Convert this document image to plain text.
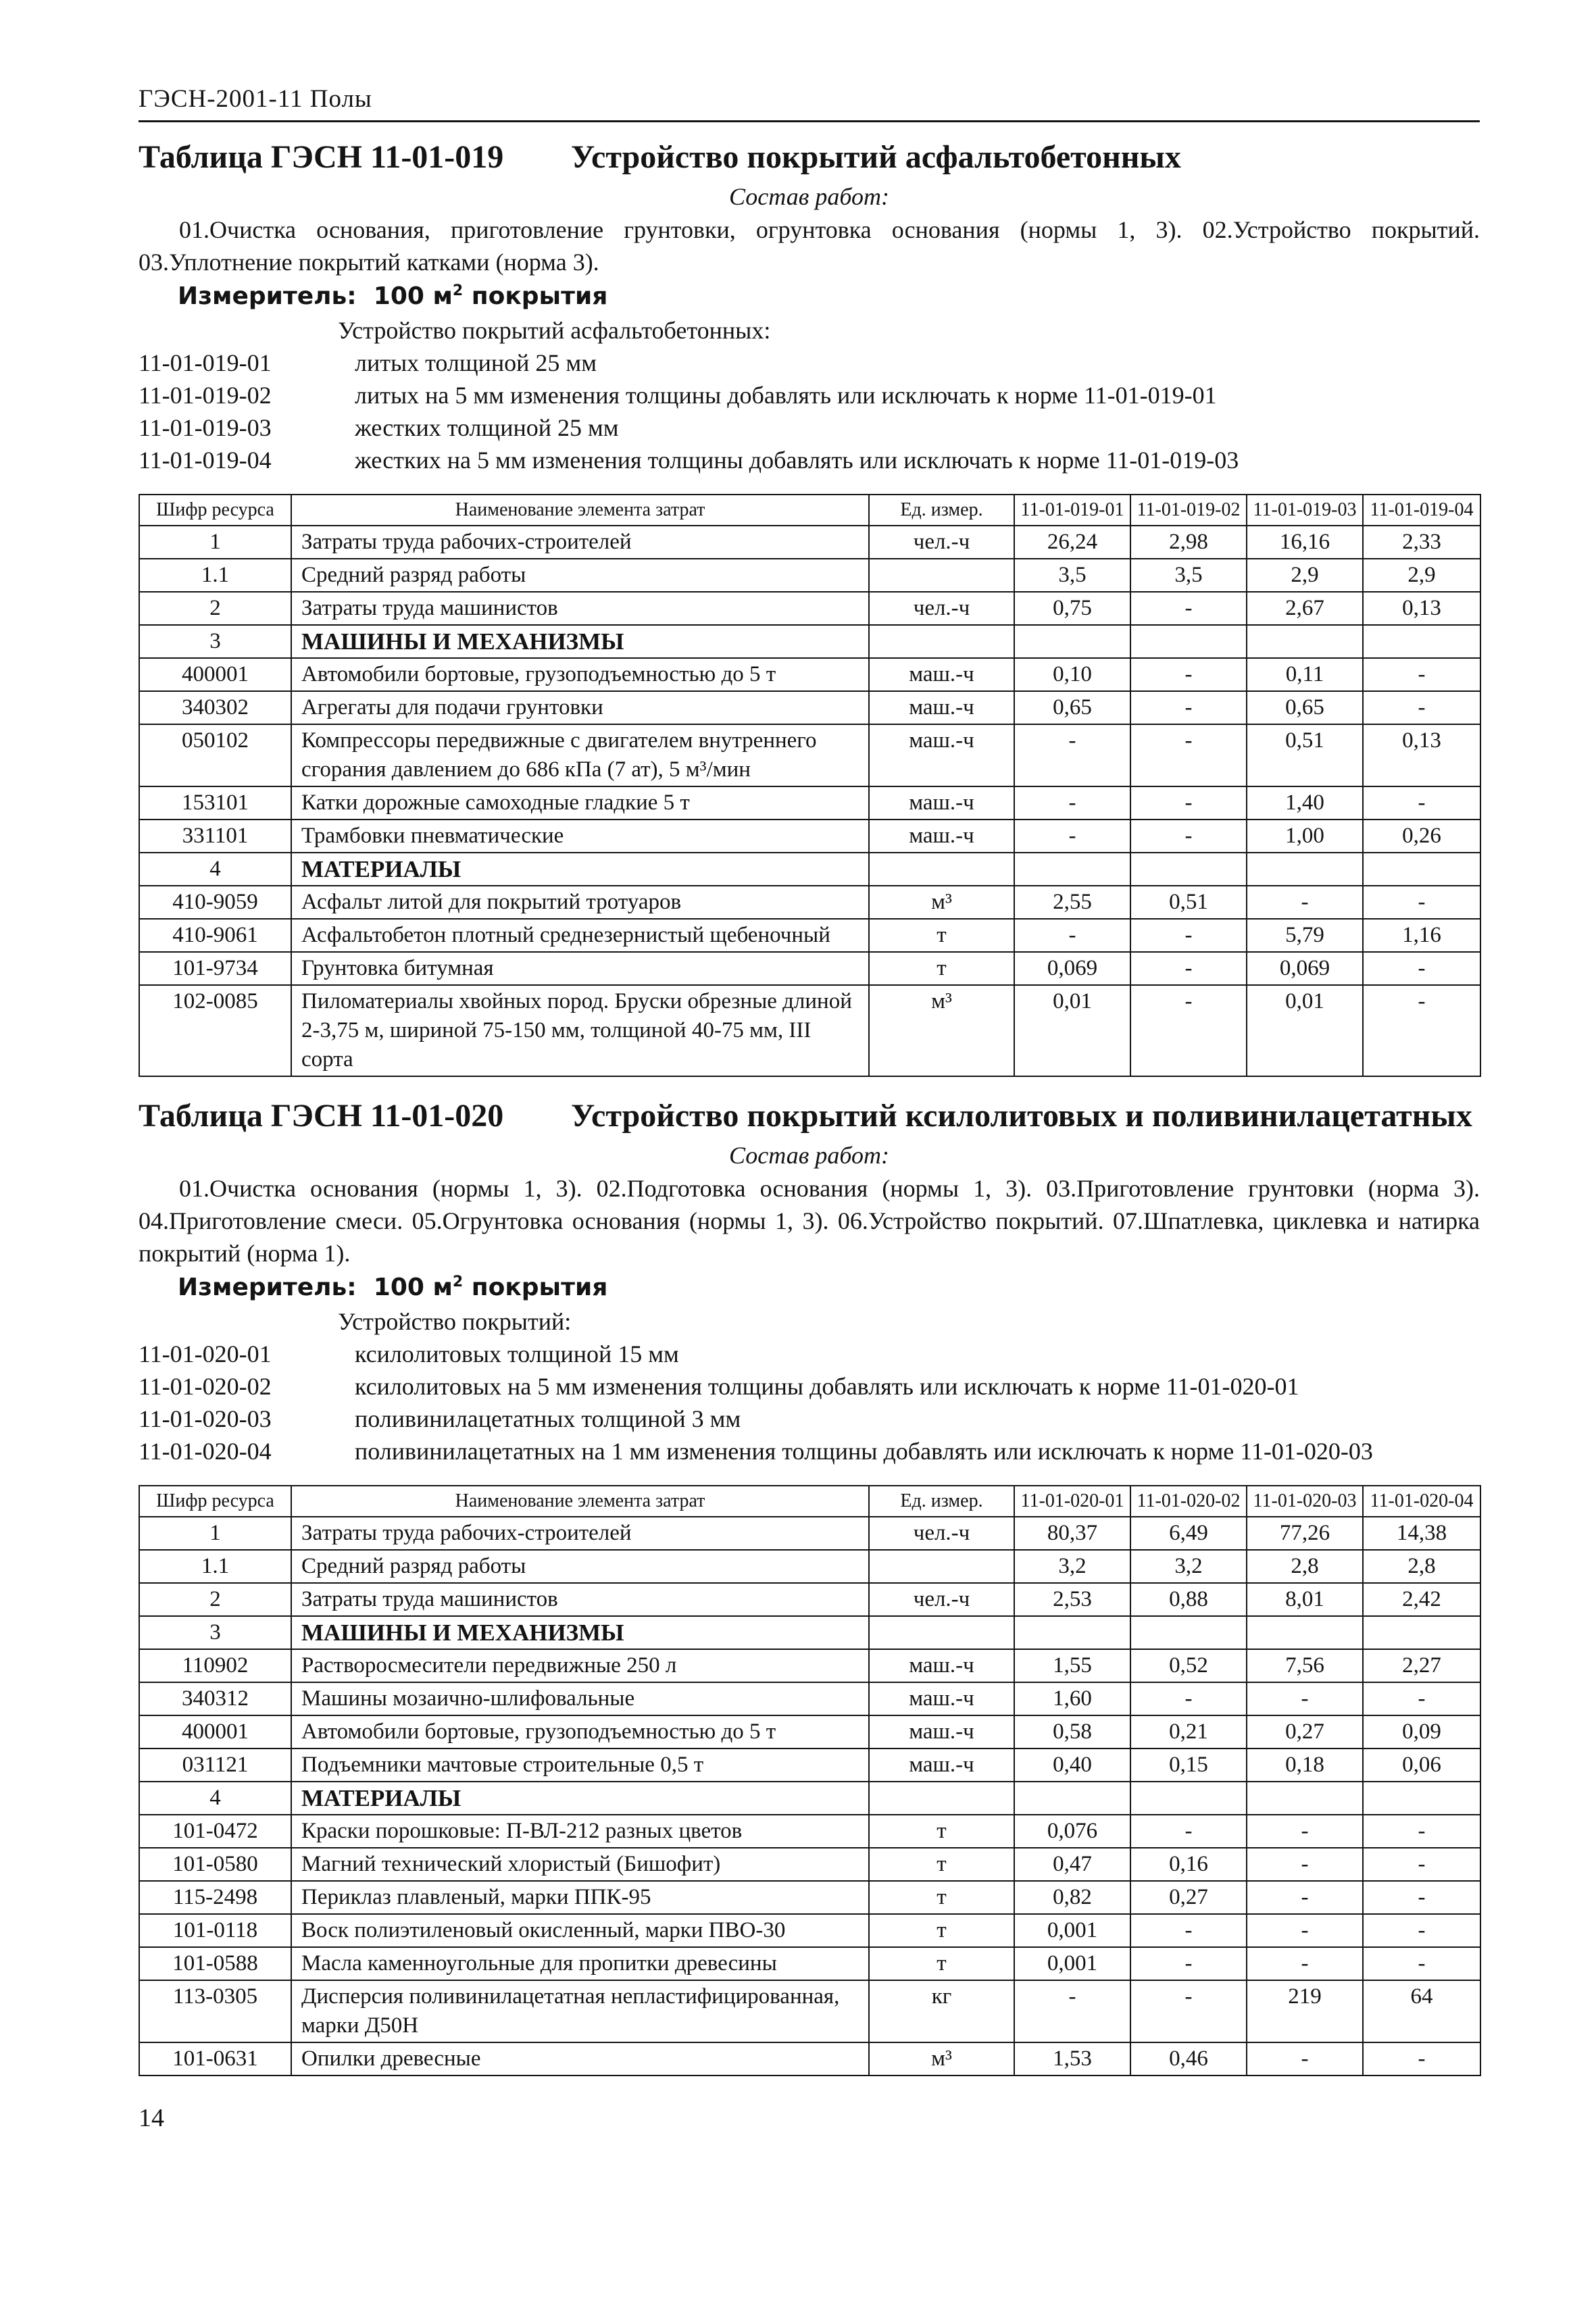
ГЭСН-2001-11 Полы
Таблица ГЭСН 11-01-019	Устройство покрытий асфальтобетонных
Состав работ:
01.Очистка основания, приготовление грунтовки, огрунтовка основания (нормы 1, 3). 02.Устройство покрытий. 03.Уплотнение покрытий катками (норма 3).
Измеритель: 100 $м^2$ покрытия
Устройство покрытий асфальтобетонных:
11-01-019-01	литых толщиной 25 мм
11-01-019-02	литых на 5 мм изменения толщины добавлять или исключать к норме 11-01-019-01
11-01-019-03	жестких толщиной 25 мм
11-01-019-04	жестких на 5 мм изменения толщины добавлять или исключать к норме 11-01-019-03
Шифр ресурса	Наименование элемента затрат	Ед. измер.	11-01-019-01	11-01-019-02	11-01-019-03	11-01-019-04
1	Затраты труда рабочих-строителей	чел.-ч	26,24	2,98	16,16	2,33
1.1	Средний разряд работы		3,5	3,5	2,9	2,9
2	Затраты труда машинистов	чел.-ч	0,75	-	2,67	0,13
3	МАШИНЫ И МЕХАНИЗМЫ					
400001	Автомобили бортовые, грузоподъемностью до 5 т	маш.-ч	0,10	-	0,11	-
340302	Агрегаты для подачи грунтовки	маш.-ч	0,65	-	0,65	-
050102	Компрессоры передвижные с двигателем внутреннего сгорания давлением до 686 кПа (7 ат), 5 м³/мин	маш.-ч	-	-	0,51	0,13
153101	Катки дорожные самоходные гладкие 5 т	маш.-ч	-	-	1,40	-
331101	Трамбовки пневматические	маш.-ч	-	-	1,00	0,26
4	МАТЕРИАЛЫ					
410-9059	Асфальт литой для покрытий тротуаров	м³	2,55	0,51	-	-
410-9061	Асфальтобетон плотный среднезернистый щебеночный	т	-	-	5,79	1,16
101-9734	Грунтовка битумная	т	0,069	-	0,069	-
102-0085	Пиломатериалы хвойных пород. Бруски обрезные длиной 2-3,75 м, шириной 75-150 мм, толщиной 40-75 мм, III сорта	м³	0,01	-	0,01	-
Таблица ГЭСН 11-01-020	Устройство покрытий ксилолитовых и поливинилацетатных
Состав работ:
01.Очистка основания (нормы 1, 3). 02.Подготовка основания (нормы 1, 3). 03.Приготовление грунтовки (норма 3). 04.Приготовление смеси. 05.Огрунтовка основания (нормы 1, 3). 06.Устройство покрытий. 07.Шпатлевка, циклевка и натирка покрытий (норма 1).
Измеритель: 100 $м^2$ покрытия
Устройство покрытий:
11-01-020-01	ксилолитовых толщиной 15 мм
11-01-020-02	ксилолитовых на 5 мм изменения толщины добавлять или исключать к норме 11-01-020-01
11-01-020-03	поливинилацетатных толщиной 3 мм
11-01-020-04	поливинилацетатных на 1 мм изменения толщины добавлять или исключать к норме 11-01-020-03
Шифр ресурса	Наименование элемента затрат	Ед. измер.	11-01-020-01	11-01-020-02	11-01-020-03	11-01-020-04
1	Затраты труда рабочих-строителей	чел.-ч	80,37	6,49	77,26	14,38
1.1	Средний разряд работы		3,2	3,2	2,8	2,8
2	Затраты труда машинистов	чел.-ч	2,53	0,88	8,01	2,42
3	МАШИНЫ И МЕХАНИЗМЫ					
110902	Растворосмесители передвижные 250 л	маш.-ч	1,55	0,52	7,56	2,27
340312	Машины мозаично-шлифовальные	маш.-ч	1,60	-	-	-
400001	Автомобили бортовые, грузоподъемностью до 5 т	маш.-ч	0,58	0,21	0,27	0,09
031121	Подъемники мачтовые строительные 0,5 т	маш.-ч	0,40	0,15	0,18	0,06
4	МАТЕРИАЛЫ					
101-0472	Краски порошковые: П-ВЛ-212 разных цветов	т	0,076	-	-	-
101-0580	Магний технический хлористый (Бишофит)	т	0,47	0,16	-	-
115-2498	Периклаз плавленый, марки ППК-95	т	0,82	0,27	-	-
101-0118	Воск полиэтиленовый окисленный, марки ПВО-30	т	0,001	-	-	-
101-0588	Масла каменноугольные для пропитки древесины	т	0,001	-	-	-
113-0305	Дисперсия поливинилацетатная непластифицированная, марки Д50Н	кг	-	-	219	64
101-0631	Опилки древесные	м³	1,53	0,46	-	-
14
